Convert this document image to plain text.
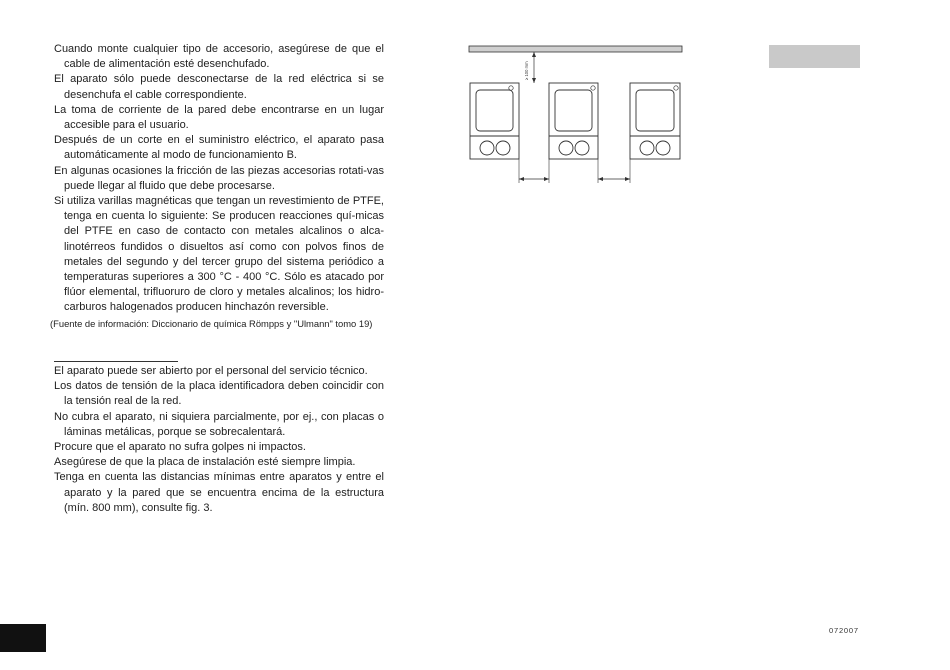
Cuando monte cualquier tipo de accesorio, asegúrese de que el cable de alimentación esté desenchufado.

El aparato sólo puede desconectarse de la red eléctrica si se desenchufa el cable correspondiente.

La toma de corriente de la pared debe encontrarse en un lugar accesible para el usuario.

Después de un corte en el suministro eléctrico, el aparato pasa automáticamente al modo de funcionamiento B.

En algunas ocasiones la fricción de las piezas accesorias rotati-vas puede llegar al fluido que debe procesarse.

Si utiliza varillas magnéticas que tengan un revestimiento de PTFE, tenga en cuenta lo siguiente: Se producen reacciones quí-micas del PTFE en caso de contacto con metales alcalinos o alca-linotérreos fundidos o disueltos así como con polvos finos de metales del segundo y del tercer grupo del sistema periódico a temperaturas superiores a 300 °C - 400 °C. Sólo es atacado por flúor elemental, trifluoruro de cloro y metales alcalinos; los hidro-carburos halogenados producen hinchazón reversible.

(Fuente de información: Diccionario de química Römpps y "Ulmann" tomo 19)

El aparato puede ser abierto por el personal del servicio técnico.

Los datos de tensión de la placa identificadora deben coincidir con la tensión real de la red.

No cubra el aparato, ni siquiera parcialmente, por ej., con placas o láminas metálicas, porque se sobrecalentará.

Procure que el aparato no sufra golpes ni impactos.

Asegúrese de que la placa de instalación esté siempre limpia.

Tenga en cuenta las distancias mínimas entre aparatos y entre el aparato y la pared que se encuentra encima de la estructura (mín. 800 mm), consulte fig. 3.

≥ 100 mm
072007
